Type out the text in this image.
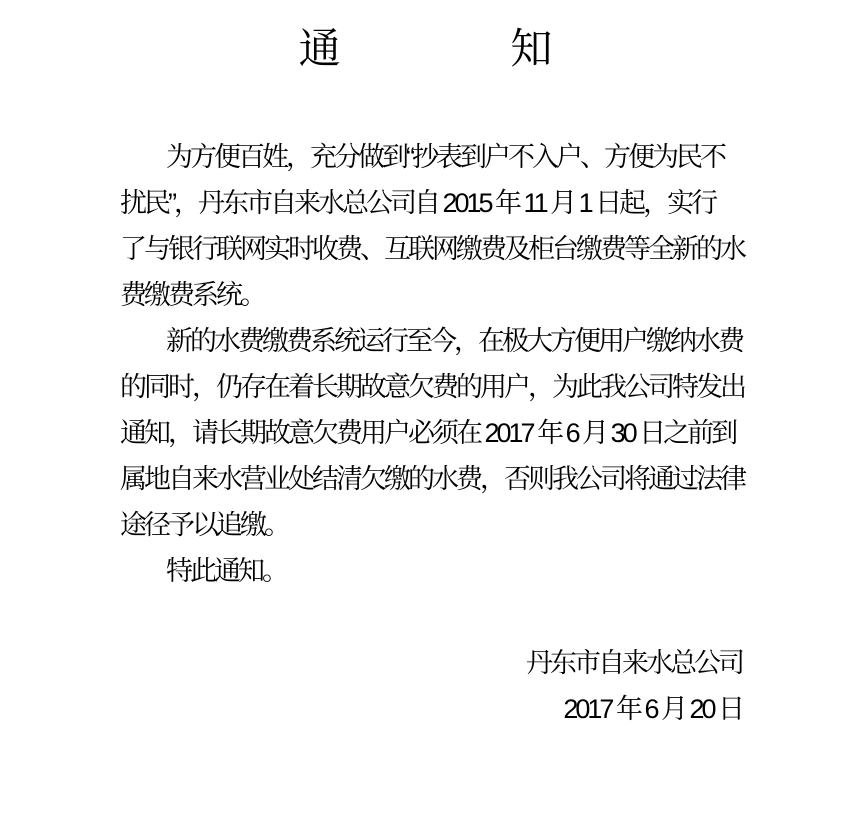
通 知
为方便百姓，充分做到“抄表到户不入户、方便为民不
扰民”，丹东市自来水总公司自 2015 年 11 月 1 日起，实行
了与银行联网实时收费、互联网缴费及柜台缴费等全新的水
费缴费系统。
新的水费缴费系统运行至今，在极大方便用户缴纳水费
的同时，仍存在着长期故意欠费的用户，为此我公司特发出
通知，请长期故意欠费用户必须在 2017 年 6 月 30 日之前到
属地自来水营业处结清欠缴的水费，否则我公司将通过法律
途径予以追缴。
特此通知。
丹东市自来水总公司
2017 年 6 月 20 日
